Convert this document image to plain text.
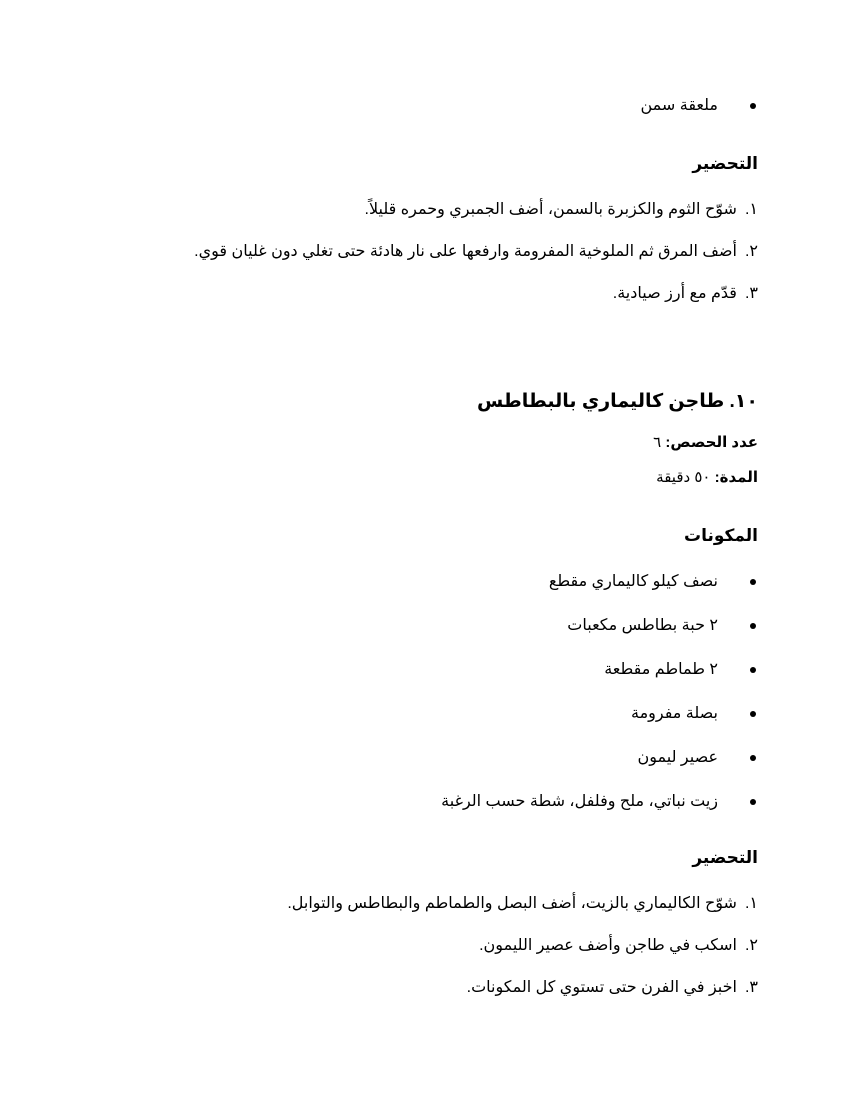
ملعقة سمن
التحضير
١.شوّح الثوم والكزبرة بالسمن، أضف الجمبري وحمره قليلاً.
٢.أضف المرق ثم الملوخية المفرومة وارفعها على نار هادئة حتى تغلي دون غليان قوي.
٣.قدّم مع أرز صيادية.
١٠. طاجن كاليماري بالبطاطس
عدد الحصص: ٦
المدة: ٥٠ دقيقة
المكونات
نصف كيلو كاليماري مقطع
٢ حبة بطاطس مكعبات
٢ طماطم مقطعة
بصلة مفرومة
عصير ليمون
زيت نباتي، ملح وفلفل، شطة حسب الرغبة
التحضير
١.شوّح الكاليماري بالزيت، أضف البصل والطماطم والبطاطس والتوابل.
٢.اسكب في طاجن وأضف عصير الليمون.
٣.اخبز في الفرن حتى تستوي كل المكونات.
